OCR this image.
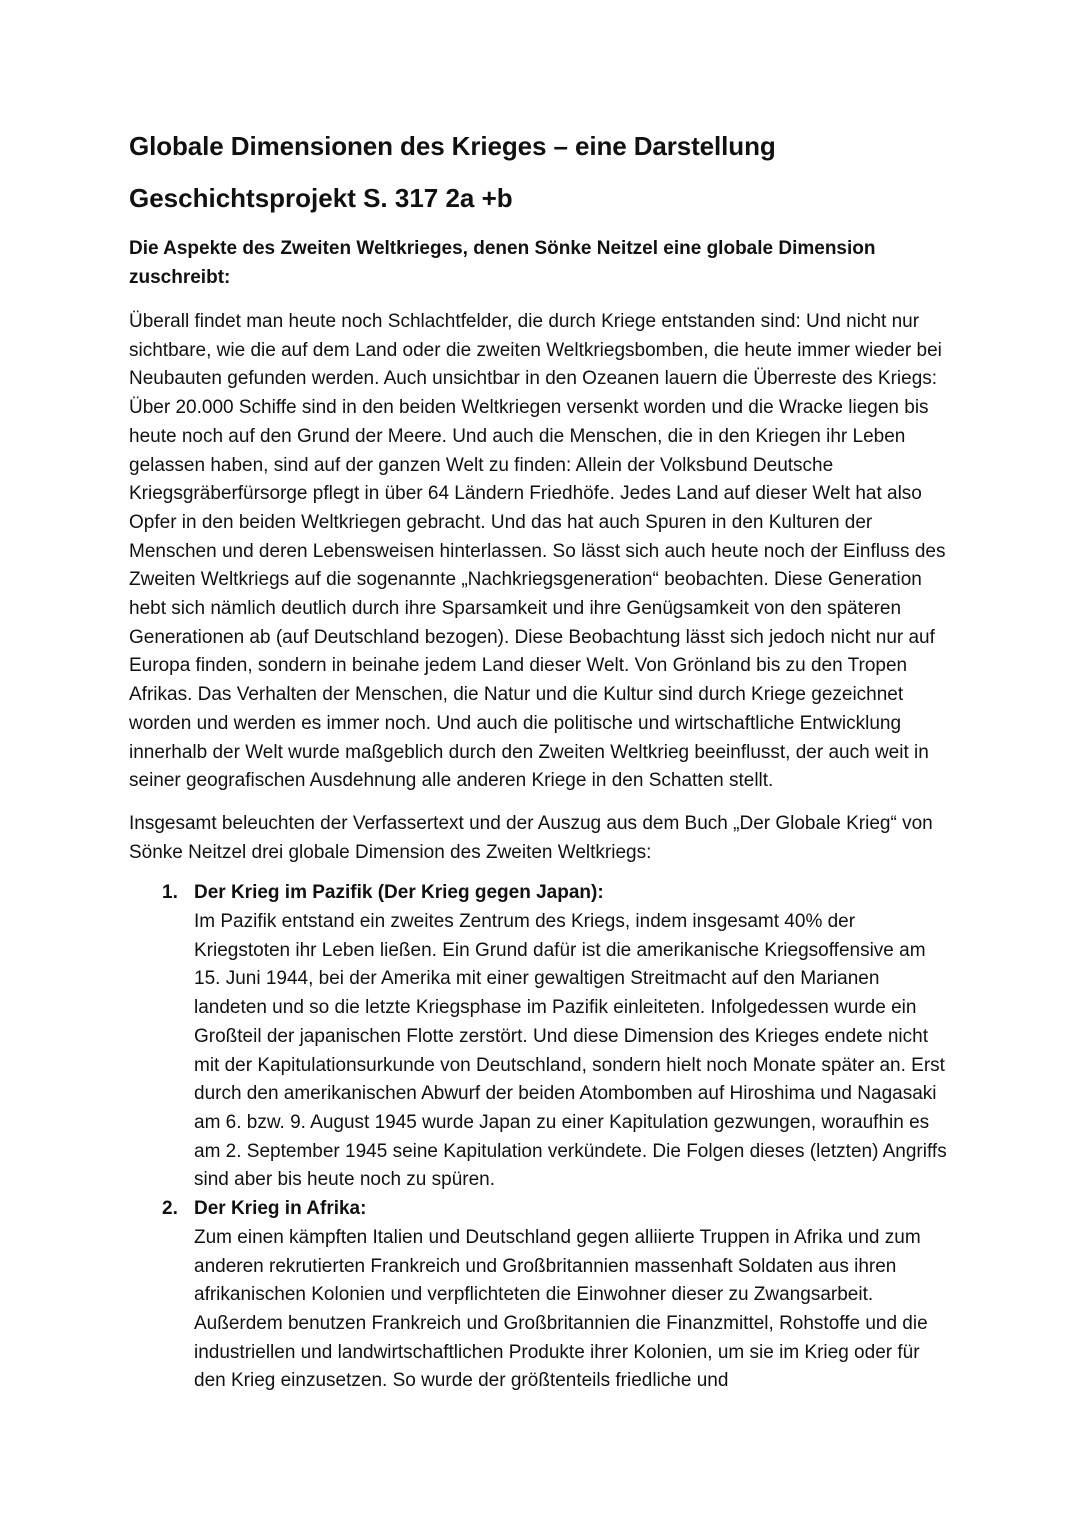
Globale Dimensionen des Krieges – eine Darstellung
Geschichtsprojekt S. 317 2a +b
Die Aspekte des Zweiten Weltkrieges, denen Sönke Neitzel eine globale Dimension zuschreibt:

Überall findet man heute noch Schlachtfelder, die durch Kriege entstanden sind: Und nicht nur sichtbare, wie die auf dem Land oder die zweiten Weltkriegsbomben, die heute immer wieder bei Neubauten gefunden werden. Auch unsichtbar in den Ozeanen lauern die Überreste des Kriegs: Über 20.000 Schiffe sind in den beiden Weltkriegen versenkt worden und die Wracke liegen bis heute noch auf den Grund der Meere. Und auch die Menschen, die in den Kriegen ihr Leben gelassen haben, sind auf der ganzen Welt zu finden: Allein der Volksbund Deutsche Kriegsgräberfürsorge pflegt in über 64 Ländern Friedhöfe. Jedes Land auf dieser Welt hat also Opfer in den beiden Weltkriegen gebracht. Und das hat auch Spuren in den Kulturen der Menschen und deren Lebensweisen hinterlassen. So lässt sich auch heute noch der Einfluss des Zweiten Weltkriegs auf die sogenannte „Nachkriegsgeneration“ beobachten. Diese Generation hebt sich nämlich deutlich durch ihre Sparsamkeit und ihre Genügsamkeit von den späteren Generationen ab (auf Deutschland bezogen). Diese Beobachtung lässt sich jedoch nicht nur auf Europa finden, sondern in beinahe jedem Land dieser Welt. Von Grönland bis zu den Tropen Afrikas. Das Verhalten der Menschen, die Natur und die Kultur sind durch Kriege gezeichnet worden und werden es immer noch. Und auch die politische und wirtschaftliche Entwicklung innerhalb der Welt wurde maßgeblich durch den Zweiten Weltkrieg beeinflusst, der auch weit in seiner geografischen Ausdehnung alle anderen Kriege in den Schatten stellt.

Insgesamt beleuchten der Verfassertext und der Auszug aus dem Buch „Der Globale Krieg“ von Sönke Neitzel drei globale Dimension des Zweiten Weltkriegs:

1. Der Krieg im Pazifik (Der Krieg gegen Japan):
Im Pazifik entstand ein zweites Zentrum des Kriegs, indem insgesamt 40% der Kriegstoten ihr Leben ließen. Ein Grund dafür ist die amerikanische Kriegsoffensive am 15. Juni 1944, bei der Amerika mit einer gewaltigen Streitmacht auf den Marianen landeten und so die letzte Kriegsphase im Pazifik einleiteten. Infolgedessen wurde ein Großteil der japanischen Flotte zerstört. Und diese Dimension des Krieges endete nicht mit der Kapitulationsurkunde von Deutschland, sondern hielt noch Monate später an. Erst durch den amerikanischen Abwurf der beiden Atombomben auf Hiroshima und Nagasaki am 6. bzw. 9. August 1945 wurde Japan zu einer Kapitulation gezwungen, woraufhin es am 2. September 1945 seine Kapitulation verkündete. Die Folgen dieses (letzten) Angriffs sind aber bis heute noch zu spüren.
2. Der Krieg in Afrika:
Zum einen kämpften Italien und Deutschland gegen alliierte Truppen in Afrika und zum anderen rekrutierten Frankreich und Großbritannien massenhaft Soldaten aus ihren afrikanischen Kolonien und verpflichteten die Einwohner dieser zu Zwangsarbeit. Außerdem benutzen Frankreich und Großbritannien die Finanzmittel, Rohstoffe und die industriellen und landwirtschaftlichen Produkte ihrer Kolonien, um sie im Krieg oder für den Krieg einzusetzen. So wurde der größtenteils friedliche und
